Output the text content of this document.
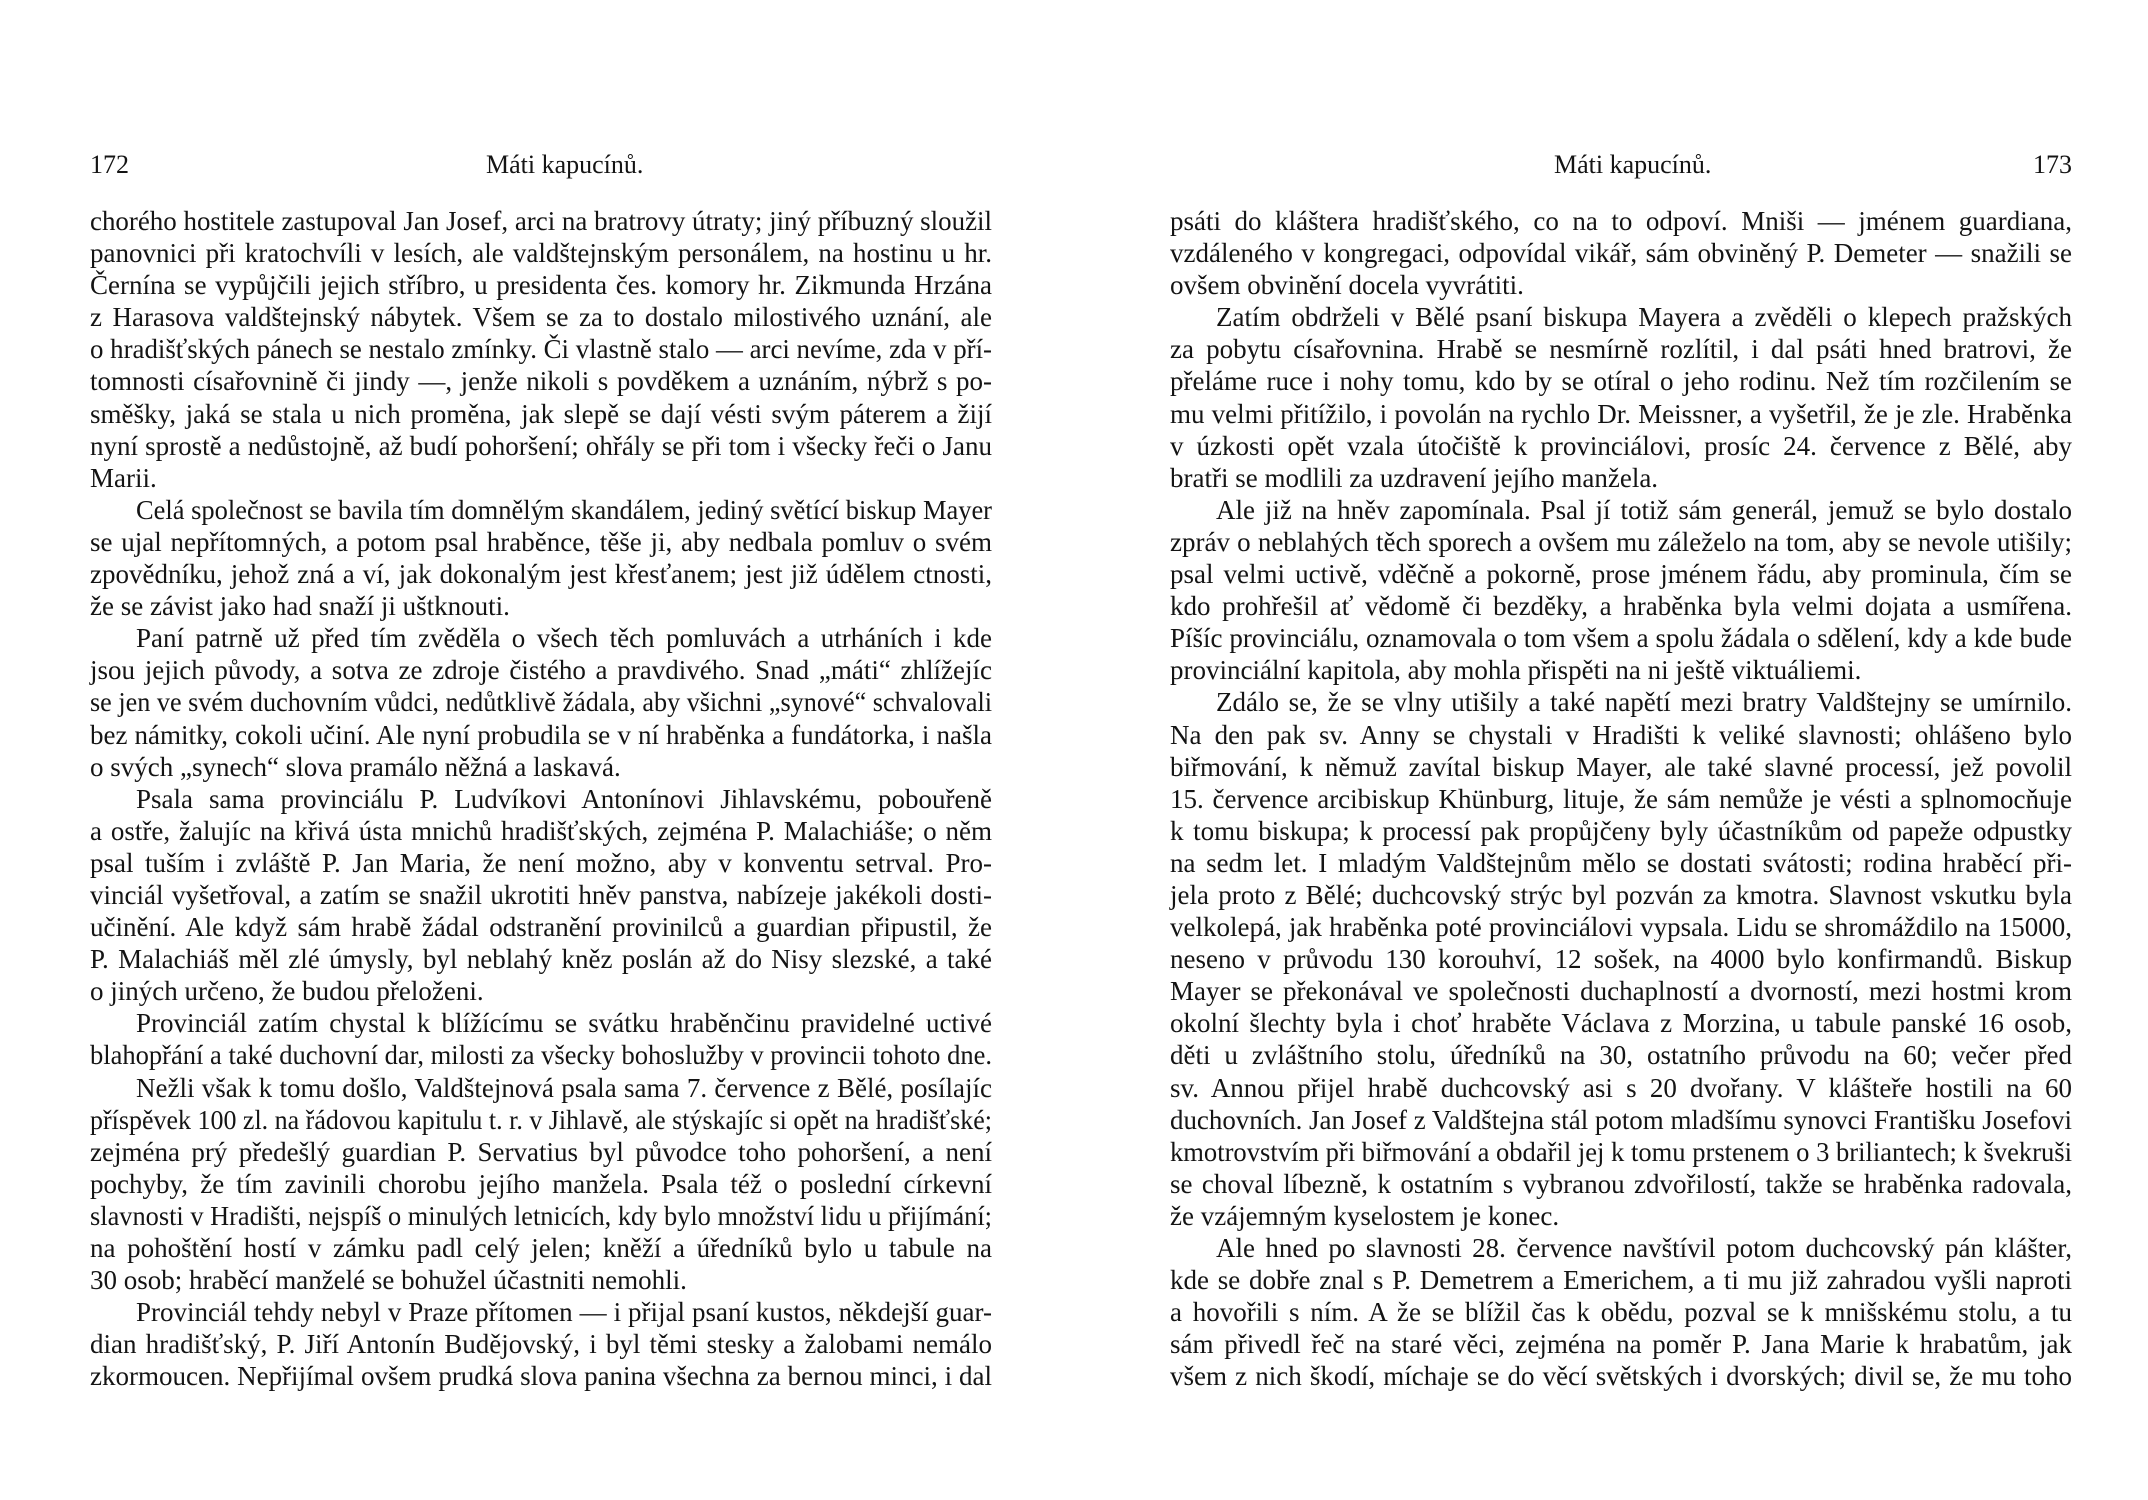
172	Máti kapucínů.
chorého hostitele zastupoval Jan Josef, arci na bratrovy útraty; jiný příbuzný sloužil
panovnici při kratochvíli v lesích, ale valdštejnským personálem, na hostinu u hr.
Černína se vypůjčili jejich stříbro, u presidenta čes. komory hr. Zikmunda Hrzána
z Harasova valdštejnský nábytek. Všem se za to dostalo milostivého uznání, ale
o hradišťských pánech se nestalo zmínky. Či vlastně stalo — arci nevíme, zda v pří-
tomnosti císařovnině či jindy —, jenže nikoli s povděkem a uznáním, nýbrž s po-
směšky, jaká se stala u nich proměna, jak slepě se dají vésti svým páterem a žijí
nyní sprostě a nedůstojně, až budí pohoršení; ohřály se při tom i všecky řeči o Janu
Marii.
Celá společnost se bavila tím domnělým skandálem, jediný světící biskup Mayer
se ujal nepřítomných, a potom psal hraběnce, těše ji, aby nedbala pomluv o svém
zpovědníku, jehož zná a ví, jak dokonalým jest křesťanem; jest již údělem ctnosti,
že se závist jako had snaží ji uštknouti.
Paní patrně už před tím zvěděla o všech těch pomluvách a utrháních i kde
jsou jejich původy, a sotva ze zdroje čistého a pravdivého. Snad „máti“ zhlížejíc
se jen ve svém duchovním vůdci, nedůtklivě žádala, aby všichni „synové“ schvalovali
bez námitky, cokoli učiní. Ale nyní probudila se v ní hraběnka a fundátorka, i našla
o svých „synech“ slova pramálo něžná a laskavá.
Psala sama provinciálu P. Ludvíkovi Antonínovi Jihlavskému, pobouřeně
a ostře, žalujíc na křivá ústa mnichů hradišťských, zejména P. Malachiáše; o něm
psal tuším i zvláště P. Jan Maria, že není možno, aby v konventu setrval. Pro-
vinciál vyšetřoval, a zatím se snažil ukrotiti hněv panstva, nabízeje jakékoli dosti-
učinění. Ale když sám hrabě žádal odstranění provinilců a guardian připustil, že
P. Malachiáš měl zlé úmysly, byl neblahý kněz poslán až do Nisy slezské, a také
o jiných určeno, že budou přeloženi.
Provinciál zatím chystal k blížícímu se svátku hraběnčinu pravidelné uctivé
blahopřání a také duchovní dar, milosti za všecky bohoslužby v provincii tohoto dne.
Nežli však k tomu došlo, Valdštejnová psala sama 7. července z Bělé, posílajíc
příspěvek 100 zl. na řádovou kapitulu t. r. v Jihlavě, ale stýskajíc si opět na hradišťské;
zejména prý předešlý guardian P. Servatius byl původce toho pohoršení, a není
pochyby, že tím zavinili chorobu jejího manžela. Psala též o poslední církevní
slavnosti v Hradišti, nejspíš o minulých letnicích, kdy bylo množství lidu u přijímání;
na pohoštění hostí v zámku padl celý jelen; kněží a úředníků bylo u tabule na
30 osob; hraběcí manželé se bohužel účastniti nemohli.
Provinciál tehdy nebyl v Praze přítomen — i přijal psaní kustos, někdejší guar-
dian hradišťský, P. Jiří Antonín Budějovský, i byl těmi stesky a žalobami nemálo
zkormoucen. Nepřijímal ovšem prudká slova panina všechna za bernou minci, i dal
Máti kapucínů.	173
psáti do kláštera hradišťského, co na to odpoví. Mniši — jménem guardiana,
vzdáleného v kongregaci, odpovídal vikář, sám obviněný P. Demeter — snažili se
ovšem obvinění docela vyvrátiti.
Zatím obdrželi v Bělé psaní biskupa Mayera a zvěděli o klepech pražských
za pobytu císařovnina. Hrabě se nesmírně rozlítil, i dal psáti hned bratrovi, že
přeláme ruce i nohy tomu, kdo by se otíral o jeho rodinu. Než tím rozčilením se
mu velmi přitížilo, i povolán na rychlo Dr. Meissner, a vyšetřil, že je zle. Hraběnka
v úzkosti opět vzala útočiště k provinciálovi, prosíc 24. července z Bělé, aby
bratři se modlili za uzdravení jejího manžela.
Ale již na hněv zapomínala. Psal jí totiž sám generál, jemuž se bylo dostalo
zpráv o neblahých těch sporech a ovšem mu záleželo na tom, aby se nevole utišily;
psal velmi uctivě, vděčně a pokorně, prose jménem řádu, aby prominula, čím se
kdo prohřešil ať vědomě či bezděky, a hraběnka byla velmi dojata a usmířena.
Píšíc provinciálu, oznamovala o tom všem a spolu žádala o sdělení, kdy a kde bude
provinciální kapitola, aby mohla přispěti na ni ještě viktuáliemi.
Zdálo se, že se vlny utišily a také napětí mezi bratry Valdštejny se umírnilo.
Na den pak sv. Anny se chystali v Hradišti k veliké slavnosti; ohlášeno bylo
biřmování, k němuž zavítal biskup Mayer, ale také slavné processí, jež povolil
15. července arcibiskup Khünburg, lituje, že sám nemůže je vésti a splnomocňuje
k tomu biskupa; k processí pak propůjčeny byly účastníkům od papeže odpustky
na sedm let. I mladým Valdštejnům mělo se dostati svátosti; rodina hraběcí při-
jela proto z Bělé; duchcovský strýc byl pozván za kmotra. Slavnost vskutku byla
velkolepá, jak hraběnka poté provinciálovi vypsala. Lidu se shromáždilo na 15000,
neseno v průvodu 130 korouhví, 12 sošek, na 4000 bylo konfirmandů. Biskup
Mayer se překonával ve společnosti duchaplností a dvorností, mezi hostmi krom
okolní šlechty byla i choť hraběte Václava z Morzina, u tabule panské 16 osob,
děti u zvláštního stolu, úředníků na 30, ostatního průvodu na 60; večer před
sv. Annou přijel hrabě duchcovský asi s 20 dvořany. V klášteře hostili na 60
duchovních. Jan Josef z Valdštejna stál potom mladšímu synovci Františku Josefovi
kmotrovstvím při biřmování a obdařil jej k tomu prstenem o 3 briliantech; k švekruši
se choval líbezně, k ostatním s vybranou zdvořilostí, takže se hraběnka radovala,
že vzájemným kyselostem je konec.
Ale hned po slavnosti 28. července navštívil potom duchcovský pán klášter,
kde se dobře znal s P. Demetrem a Emerichem, a ti mu již zahradou vyšli naproti
a hovořili s ním. A že se blížil čas k obědu, pozval se k mnišskému stolu, a tu
sám přivedl řeč na staré věci, zejména na poměr P. Jana Marie k hrabatům, jak
všem z nich škodí, míchaje se do věcí světských i dvorských; divil se, že mu toho
